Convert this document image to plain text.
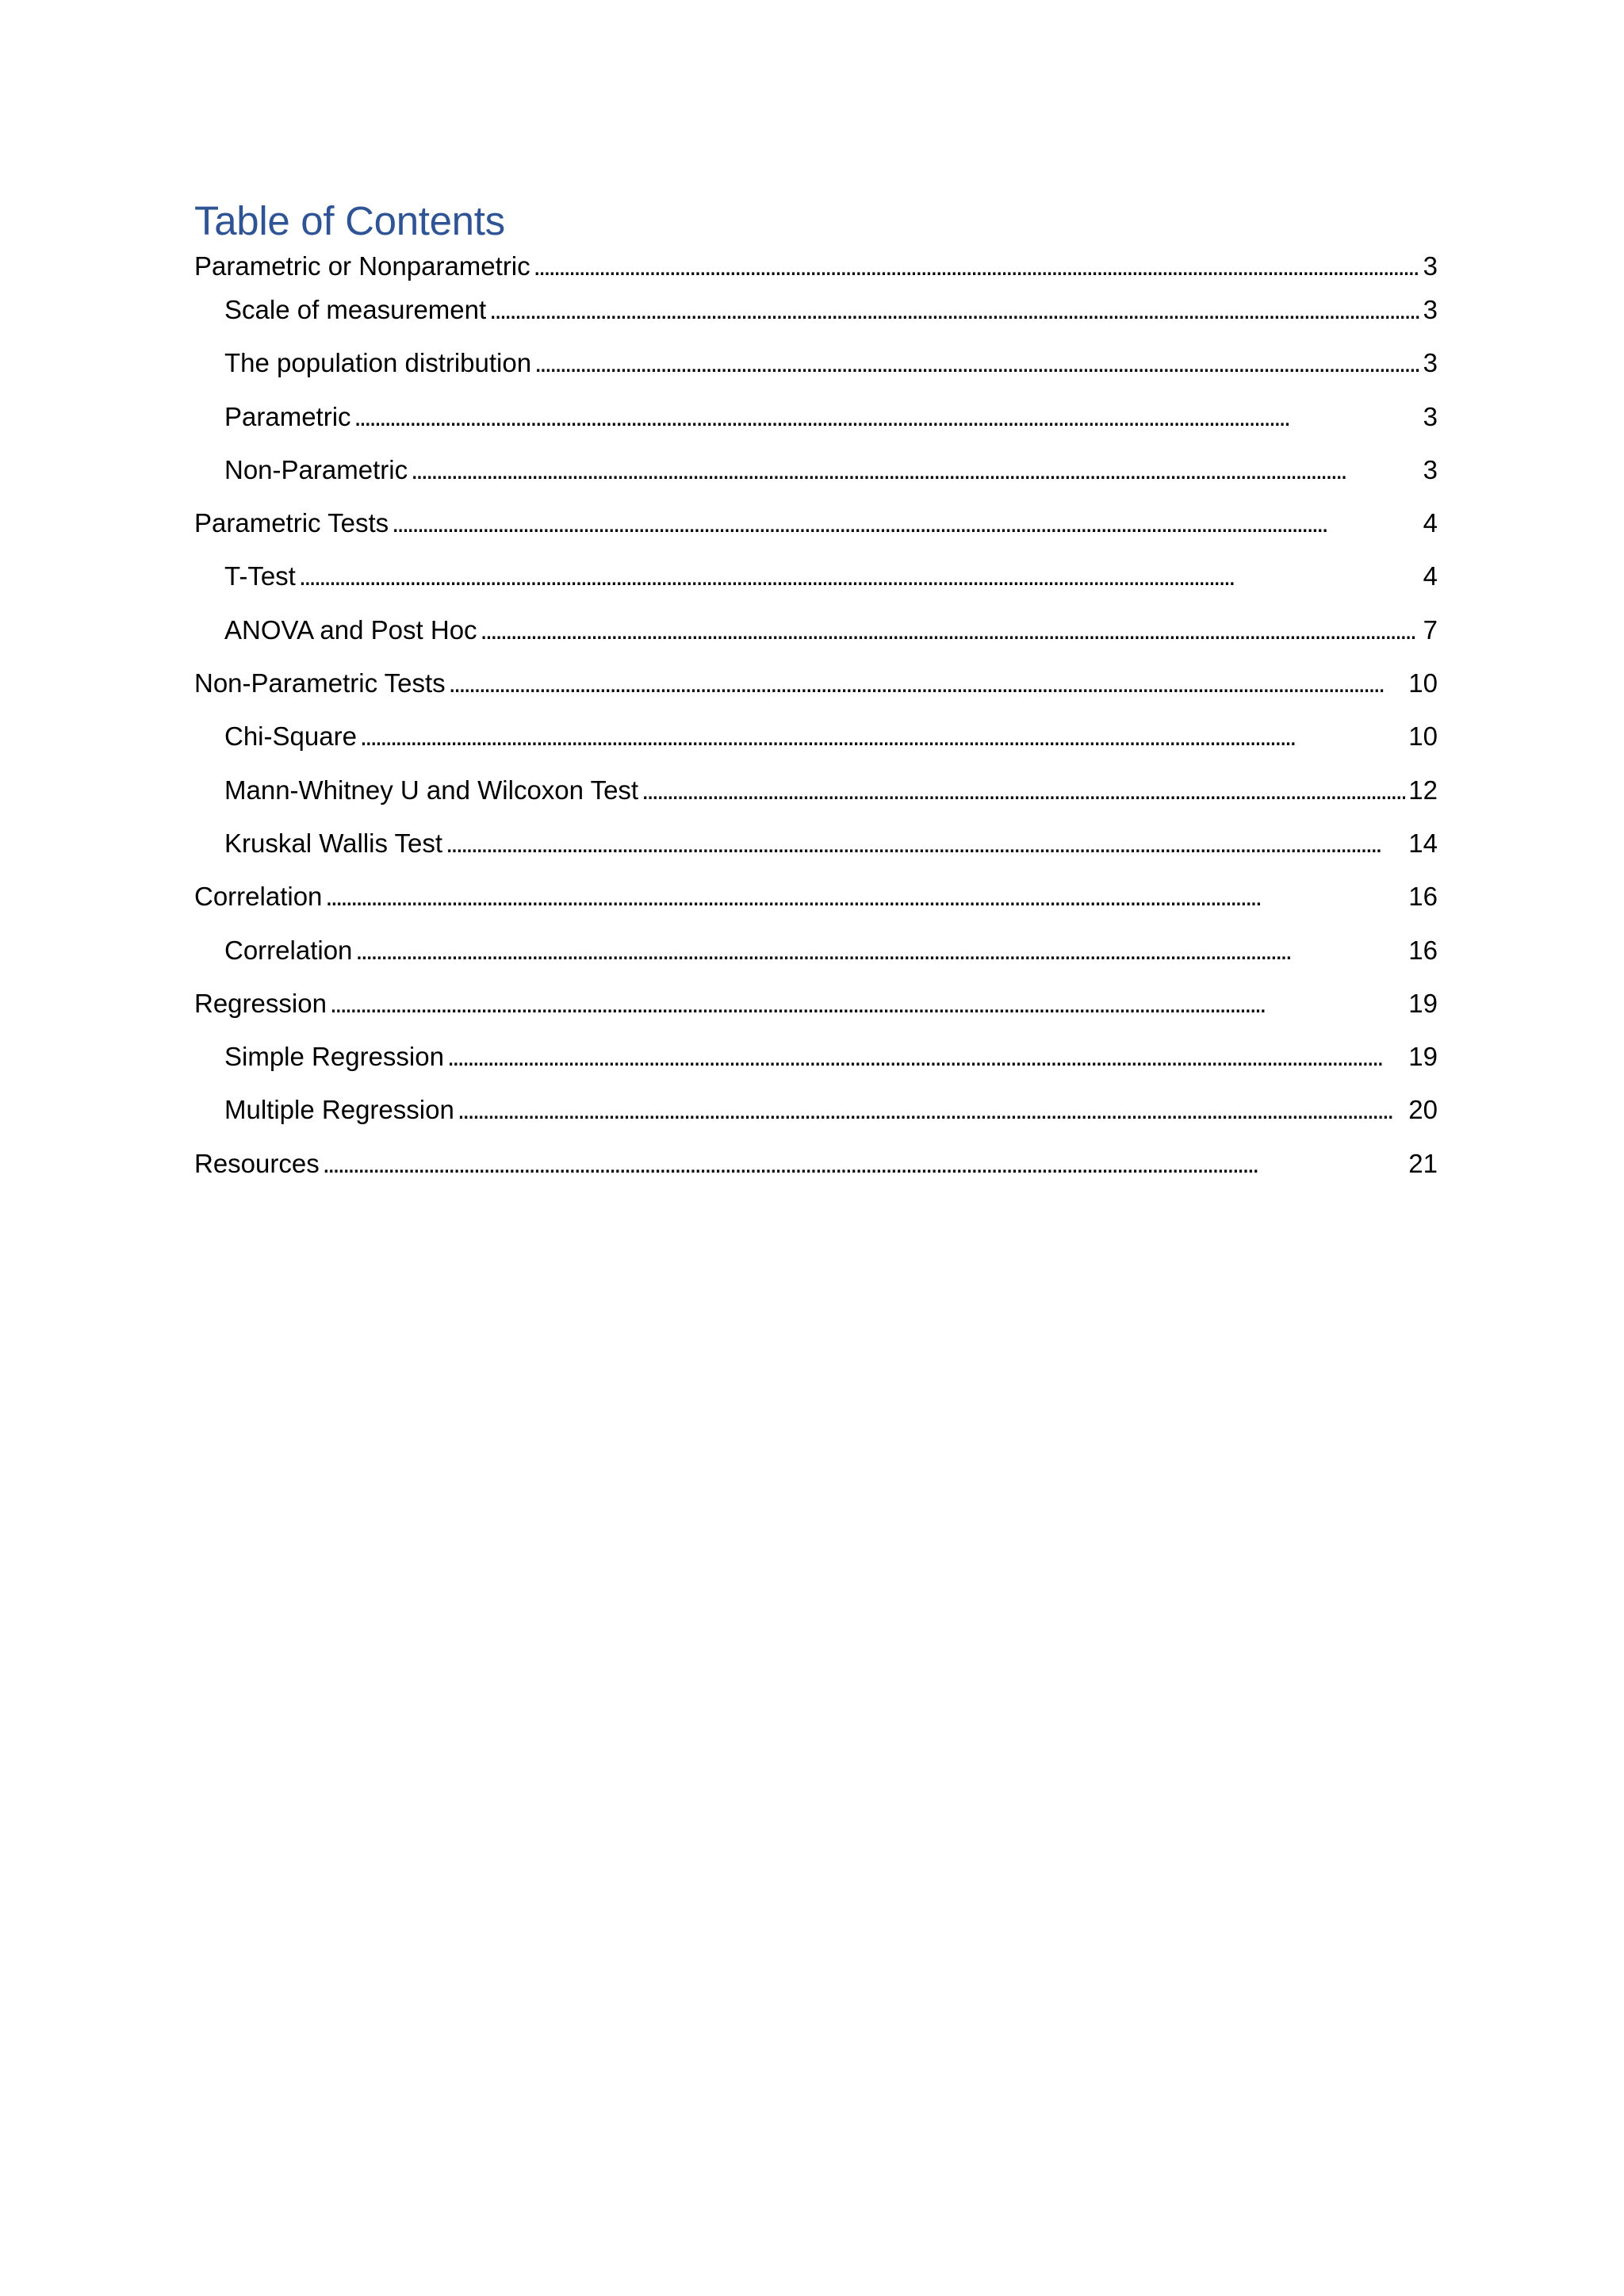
Table of Contents
Parametric or Nonparametric . . .	3
Scale of measurement . . .	3
The population distribution . . .	3
Parametric . . .	3
Non-Parametric . . .	3
Parametric Tests . . .	4
T-Test . . .	4
ANOVA and Post Hoc . . .	7
Non-Parametric Tests . . .	10
Chi-Square . . .	10
Mann-Whitney U and Wilcoxon Test . . .	12
Kruskal Wallis Test . . .	14
Correlation . . .	16
Correlation . . .	16
Regression . . .	19
Simple Regression . . .	19
Multiple Regression . . .	20
Resources . . .	21
